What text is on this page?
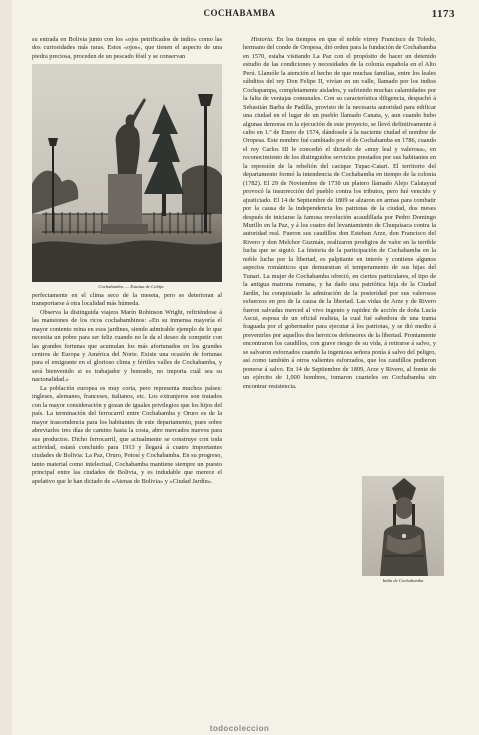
COCHABAMBA	1173

su entrada en Bolivia junto con los «ojos petrificados de indio» como las dos curiosidades más raras. Estos «ojos», que tienen el aspecto de una piedra preciosa, proceden de un pescado fósil y se conservan

Cochabamba. — Estatua de Cobija

perfectamente en el clima seco de la meseta, pero se deterioran al transportarse á otra localidad más húmeda.

Observa la distinguida viajera Marín Robinson Wright, refiriéndose á las mansiones de los ricos cochabambinos: «En su inmensa mayoría el mayor contento reina en esos jardines, siendo admirable ejemplo de lo que necesita un pobre para ser feliz cuando no le da el deseo de competir con las grandes fortunas que acumulan los más afortunados en los grandes centros de Europa y América del Norte. Existe una ocasión de fortunas para el emigrante en el glorioso clima y fértiles valles de Cochabamba, y será bienvenido si es trabajador y honrado, no importa cuál sea su nacionalidad.»

La población europea es muy corta, pero representa muchos países: ingleses, alemanes, franceses, italianos, etc. Los extranjeros son tratados con la mayor consideración y gozan de iguales privilegios que los hijos del país. La terminación del ferrocarril entre Cochabamba y Oruro es de la mayor trascendencia para los habitantes de este departamento, pues sobre abreviarles tres días de camino hasta la costa, abre mercados nuevos para sus productos. Dicho ferrocarril, que actualmente se construye con toda actividad, estará concluido para 1913 y llegará á cuatro importantes ciudades de Bolivia: La Paz, Oruro, Potosí y Cochabamba. En su progreso, tanto material como intelectual, Cochabamba mantiene siempre un puesto principal entre las ciudades de Bolivia, y es indudable que merece el apelativo que le han dictado de «Atenas de Bolivia» y «Ciudad Jardín».

Historia. En los tiempos en que el noble virrey Francisco de Toledo, hermano del conde de Oropesa, dió orden para la fundación de Cochabamba en 1570, estaba visitando La Paz con el propósito de hacer un detenido estudio de las condiciones y necesidades de la colonia española en el Alto Perú. Llamóle la atención el hecho de que muchas familias, entre los leales súbditos del rey Don Felipe II, vivían en un valle, llamado por los indios Cochapampa, completamente aislados, y sufriendo muchas calamidades por la falta de ventajas comunales. Con su característica diligencia, despachó á Sebastián Barba de Padilla, provisto de la necesaria autoridad para edificar una ciudad en el lugar de un pueblo llamado Canata, y, aun cuando hubo algunas demoras en la ejecución de este proyecto, se llevó definitivamente á cabo en 1.º de Enero de 1574, dándosele á la naciente ciudad el nombre de Oropesa. Este nombre fué cambiado por el de Cochabamba en 1786, cuando el rey Carlos III le concedió el dictado de «muy leal y valerosa», en reconocimiento de los distinguidos servicios prestados por sus habitantes en la represión de la rebelión del cacique Tupac-Catari. El territorio del departamento formó la intendencia de Cochabamba en tiempo de la colonia (1782). El 29 de Noviembre de 1730 un platero llamado Alejo Calatayud provocó la insurrección del pueblo contra los tributos, pero fué vencido y ajusticiado. El 14 de Septiembre de 1809 se alzaron en armas para combatir por la causa de la independencia los patriotas de la ciudad, dos meses después de iniciarse la famosa revolución acaudillada por Pedro Domingo Murillo en la Paz, y á los cuatro del levantamiento de Chuquisaca contra la autoridad real. Fueron sus caudillos don Esteban Arze, don Francisco del Rivero y don Melchor Guzmán, realizaron prodigios de valor en la terrible lucha que se siguió. La historia de la participación de Cochabamba en la noble lucha por la libertad, es palpitante en interés y contiene algunos aspectos románticos que demuestran el temperamento de sus hijas del Tunari. La mujer de Cochabamba ofreció, en ciertos particulares, el tipo de la antigua matrona romana, y ha dado una patriótica hija de la Ciudad Jardín, ha conquistado la admiración de la posteridad por sus valerosos esfuerzos en pro de la causa de la libertad. Las vidas de Arze y de Rivero fueron salvadas merced al vivo ingenio y rapidez de acción de doña Lucía Ascui, esposa de un oficial realista, la cual fué sabedora de una trama fraguada por el gobernador para ejecutar á los patriotas, y se dió medio á prevenirles por aquellos dos heroicos defensores de la libertad. Prontamente encontraron los caudillos, con grave riesgo de su vida, á retirarse á salvo, y se salvaron esforzados cuando la ingeniosa señora ponía á salvo del peligro, así como también á otros valientes esforzados, que los caudillos pudieron ponerse á salvo. En 14 de Septiembre de 1809, Arze y Rivero, al frente de un ejército de 1,000 hombres, tomaron cuarteles en Cochabamba sin encontrar resistencia.

India de Cochabamba
todocoleccion
